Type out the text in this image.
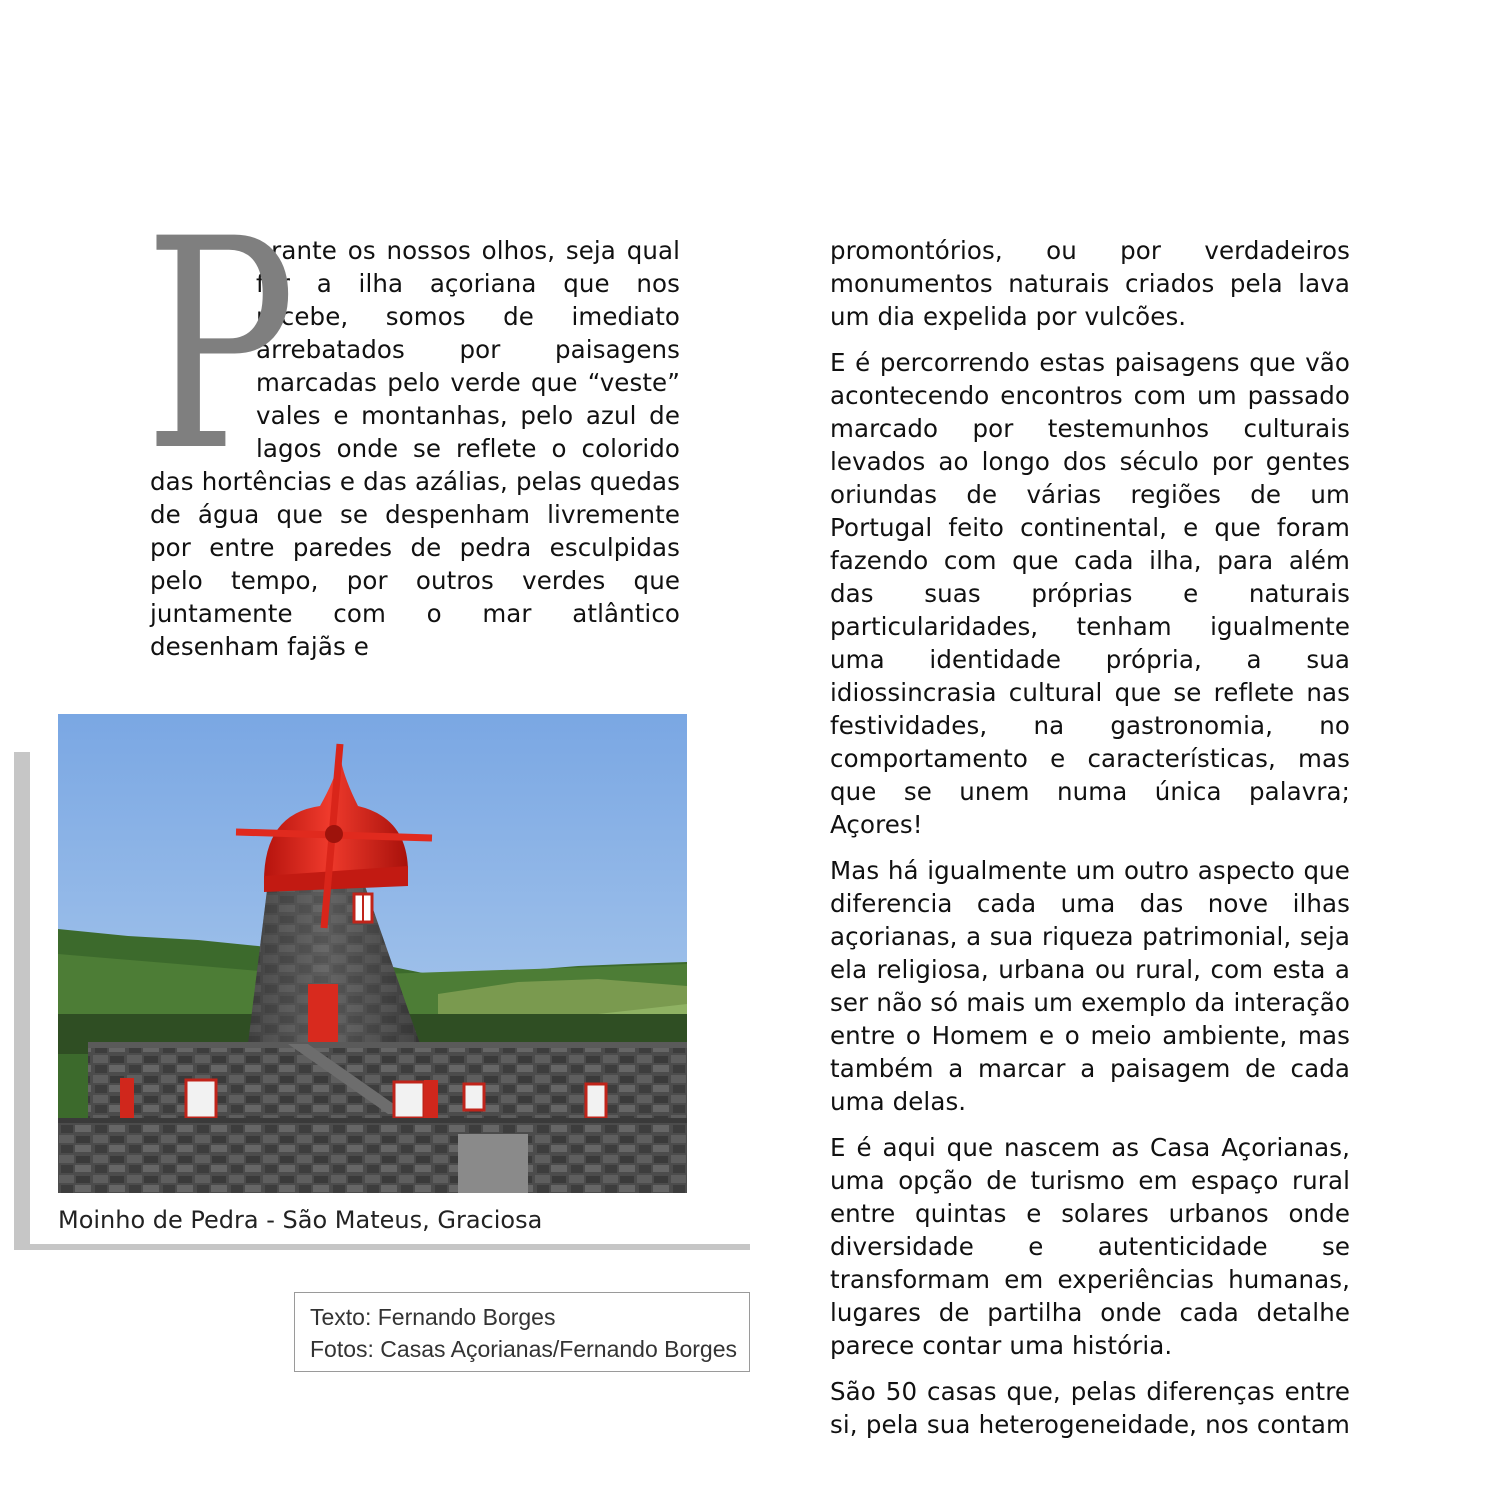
P
erante os nossos olhos, seja qual for a ilha açoriana que nos recebe, somos de imediato arrebatados por paisagens marcadas pelo verde que “veste” vales e montanhas, pelo azul de lagos onde se reflete o colorido das hortências e das azálias, pelas quedas de água que se despenham livremente por entre paredes de pedra esculpidas pelo tempo, por outros verdes que juntamente com o mar atlântico desenham fajãs e
Moinho de Pedra - São Mateus, Graciosa
Texto: Fernando Borges
Fotos: Casas Açorianas/Fernando Borges

promontórios, ou por verdadeiros monumentos naturais criados pela lava um dia expelida por vulcões.

E é percorrendo estas paisagens que vão acontecendo encontros com um passado marcado por testemunhos culturais levados ao longo dos século por gentes oriundas de várias regiões de um Portugal feito continental, e que foram fazendo com que cada ilha, para além das suas próprias e naturais particularidades, tenham igualmente uma identidade própria, a sua idiossincrasia cultural que se reflete nas festividades, na gastronomia, no comportamento e características, mas que se unem numa única palavra; Açores!

Mas há igualmente um outro aspecto que diferencia cada uma das nove ilhas açorianas, a sua riqueza patrimonial, seja ela religiosa, urbana ou rural, com esta a ser não só mais um exemplo da interação entre o Homem e o meio ambiente, mas também a marcar a paisagem de cada uma delas.

E é aqui que nascem as Casa Açorianas, uma opção de turismo em espaço rural entre quintas e solares urbanos onde diversidade e autenticidade se transformam em experiências humanas, lugares de partilha onde cada detalhe parece contar uma história.

São 50 casas que, pelas diferenças entre si, pela sua heterogeneidade, nos contam
